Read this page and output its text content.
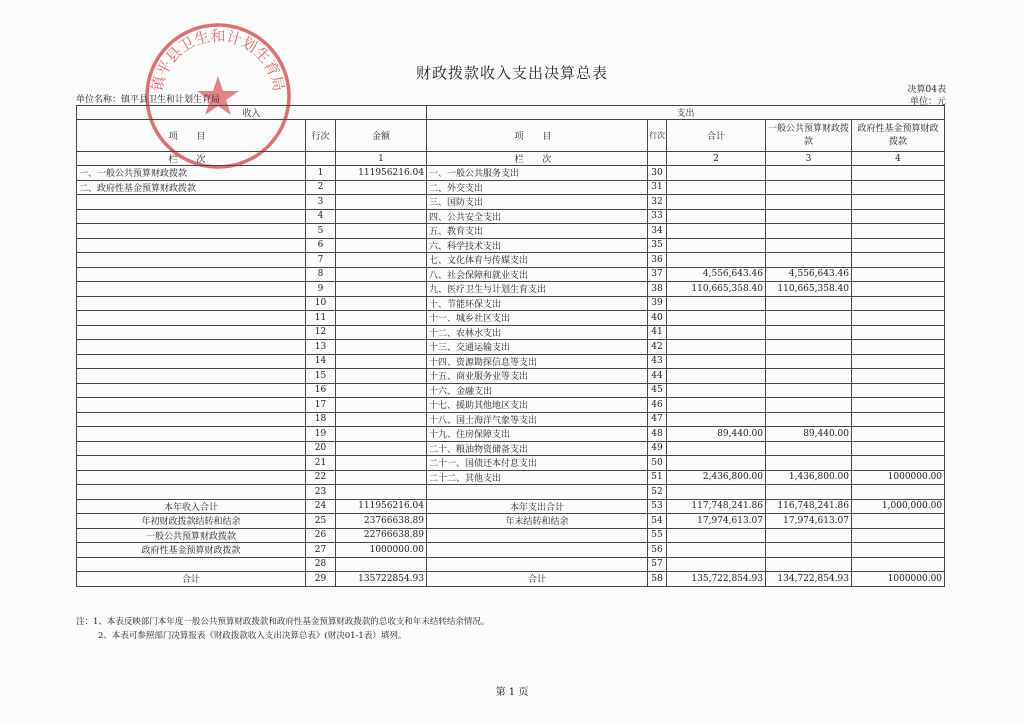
镇平县卫生和计划生育局
财政拨款收入支出决算总表
决算04表
单位名称：镇平县卫生和计划生育局	单位：元
收入			支出				
项 目	行次	金额	项 目	行次	合计	一般公共预算财政拨款	政府性基金预算财政拨款
栏 次		1	栏 次		2	3	4
一、一般公共预算财政拨款	1	111956216.04	一、一般公共服务支出	30			
二、政府性基金预算财政拨款	2		二、外交支出	31			
	3		三、国防支出	32			
	4		四、公共安全支出	33			
	5		五、教育支出	34			
	6		六、科学技术支出	35			
	7		七、文化体育与传媒支出	36			
	8		八、社会保障和就业支出	37	4,556,643.46	4,556,643.46	
	9		九、医疗卫生与计划生育支出	38	110,665,358.40	110,665,358.40	
	10		十、节能环保支出	39			
	11		十一、城乡社区支出	40			
	12		十二、农林水支出	41			
	13		十三、交通运输支出	42			
	14		十四、资源勘探信息等支出	43			
	15		十五、商业服务业等支出	44			
	16		十六、金融支出	45			
	17		十七、援助其他地区支出	46			
	18		十八、国土海洋气象等支出	47			
	19		十九、住房保障支出	48	89,440.00	89,440.00	
	20		二十、粮油物资储备支出	49			
	21		二十一、国债还本付息支出	50			
	22		二十二、其他支出	51	2,436,800.00	1,436,800.00	1000000.00
	23			52			
本年收入合计	24	111956216.04	本年支出合计	53	117,748,241.86	116,748,241.86	1,000,000.00
年初财政拨款结转和结余	25	23766638.89	年末结转和结余	54	17,974,613.07	17,974,613.07	
一般公共预算财政拨款	26	22766638.89		55			
政府性基金预算财政拨款	27	1000000.00		56			
	28			57			
合计	29	135722854.93	合计	58	135,722,854.93	134,722,854.93	1000000.00
注：1、本表反映部门本年度一般公共预算财政拨款和政府性基金预算财政拨款的总收支和年末结转结余情况。
2、本表可参照部门决算报表《财政拨款收入支出决算总表》(财决01-1表）填列。
第 1 页
